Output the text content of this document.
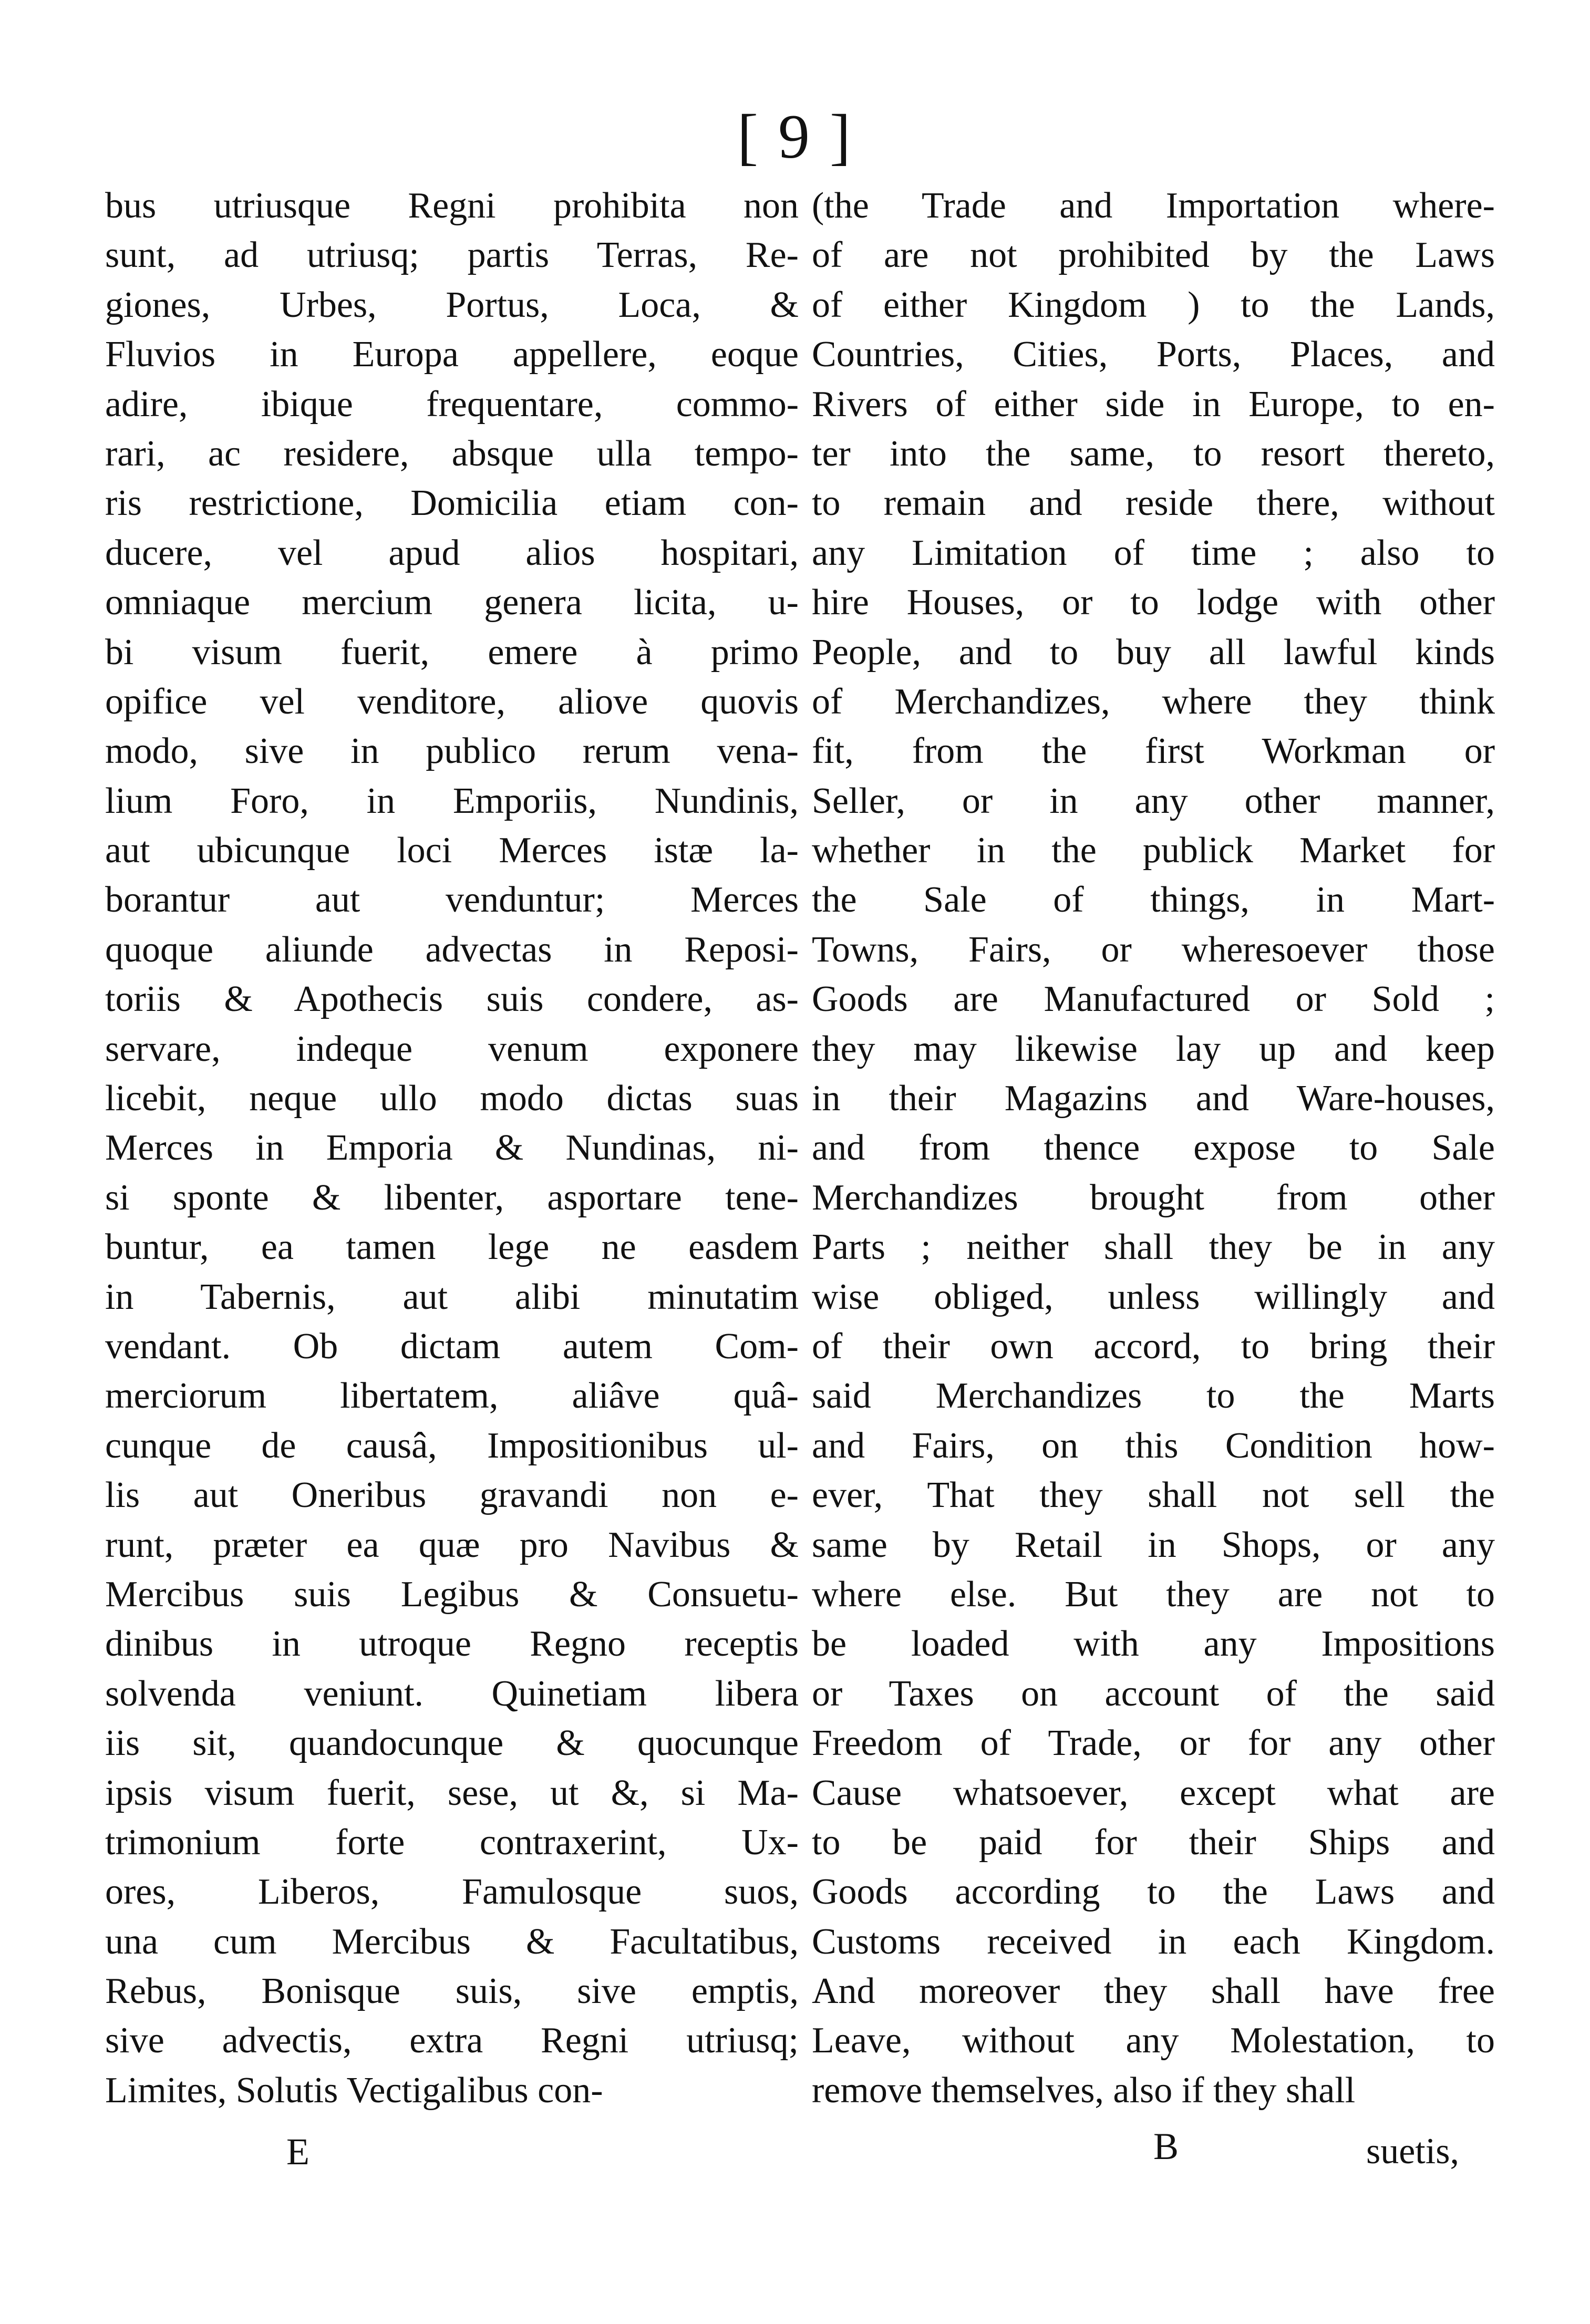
[ 9 ]
bus utriusque Regni prohibita non
sunt, ad utriusq; partis Terras, Re-
giones, Urbes, Portus, Loca, &
Fluvios in Europa appellere, eoque
adire, ibique frequentare, commo-
rari, ac residere, absque ulla tempo-
ris restrictione, Domicilia etiam con-
ducere, vel apud alios hospitari,
omniaque mercium genera licita, u-
bi visum fuerit, emere à primo
opifice vel venditore, aliove quovis
modo, sive in publico rerum vena-
lium Foro, in Emporiis, Nundinis,
aut ubicunque loci Merces istæ la-
borantur aut venduntur; Merces
quoque aliunde advectas in Reposi-
toriis & Apothecis suis condere, as-
servare, indeque venum exponere
licebit, neque ullo modo dictas suas
Merces in Emporia & Nundinas, ni-
si sponte & libenter, asportare tene-
buntur, ea tamen lege ne easdem
in Tabernis, aut alibi minutatim
vendant. Ob dictam autem Com-
merciorum libertatem, aliâve quâ-
cunque de causâ, Impositionibus ul-
lis aut Oneribus gravandi non e-
runt, præter ea quæ pro Navibus &
Mercibus suis Legibus & Consuetu-
dinibus in utroque Regno receptis
solvenda veniunt. Quinetiam libera
iis sit, quandocunque & quocunque
ipsis visum fuerit, sese, ut &, si Ma-
trimonium forte contraxerint, Ux-
ores, Liberos, Famulosque suos,
una cum Mercibus & Facultatibus,
Rebus, Bonisque suis, sive emptis,
sive advectis, extra Regni utriusq;
Limites, Solutis Vectigalibus con-
(the Trade and Importation where-
of are not prohibited by the Laws
of either Kingdom ) to the Lands,
Countries, Cities, Ports, Places, and
Rivers of either side in Europe, to en-
ter into the same, to resort thereto,
to remain and reside there, without
any Limitation of time ; also to
hire Houses, or to lodge with other
People, and to buy all lawful kinds
of Merchandizes, where they think
fit, from the first Workman or
Seller, or in any other manner,
whether in the publick Market for
the Sale of things, in Mart-
Towns, Fairs, or wheresoever those
Goods are Manufactured or Sold ;
they may likewise lay up and keep
in their Magazins and Ware-houses,
and from thence expose to Sale
Merchandizes brought from other
Parts ; neither shall they be in any
wise obliged, unless willingly and
of their own accord, to bring their
said Merchandizes to the Marts
and Fairs, on this Condition how-
ever, That they shall not sell the
same by Retail in Shops, or any
where else. But they are not to
be loaded with any Impositions
or Taxes on account of the said
Freedom of Trade, or for any other
Cause whatsoever, except what are
to be paid for their Ships and
Goods according to the Laws and
Customs received in each Kingdom.
And moreover they shall have free
Leave, without any Molestation, to
remove themselves, also if they shall
E	B	suetis,
